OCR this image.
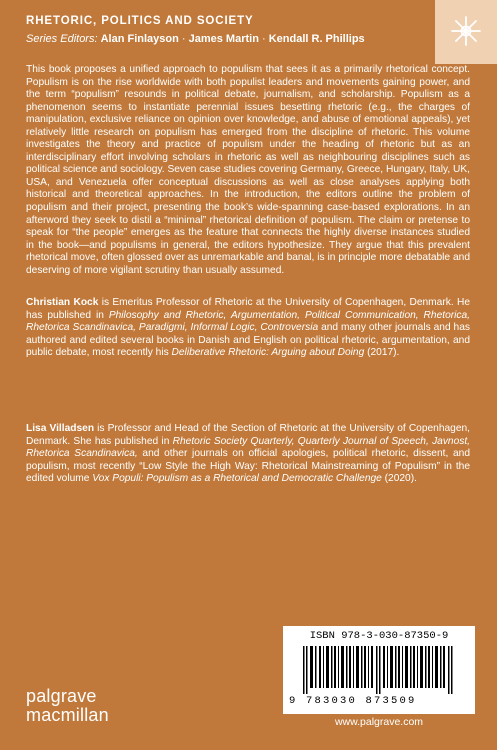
RHETORIC, POLITICS AND SOCIETY
Series Editors: Alan Finlayson · James Martin · Kendall R. Phillips

This book proposes a unified approach to populism that sees it as a primarily rhetorical concept. Populism is on the rise worldwide with both populist leaders and movements gaining power, and the term “populism” resounds in political debate, journalism, and scholarship. Populism as a phenomenon seems to instantiate perennial issues besetting rhetoric (e.g., the charges of manipulation, exclusive reliance on opinion over knowledge, and abuse of emotional appeals), yet relatively little research on populism has emerged from the discipline of rhetoric. This volume investigates the theory and practice of populism under the heading of rhetoric but as an interdisciplinary effort involving scholars in rhetoric as well as neighbouring disciplines such as political science and sociology. Seven case studies covering Germany, Greece, Hungary, Italy, UK, USA, and Venezuela offer conceptual discussions as well as close analyses applying both historical and theoretical approaches. In the introduction, the editors outline the problem of populism and their project, presenting the book’s wide-spanning case-based explorations. In an afterword they seek to distil a “minimal” rhetorical definition of populism. The claim or pretense to speak for “the people” emerges as the feature that connects the highly diverse instances studied in the book—and populisms in general, the editors hypothesize. They argue that this prevalent rhetorical move, often glossed over as unremarkable and banal, is in principle more debatable and deserving of more vigilant scrutiny than usually assumed.

Christian Kock is Emeritus Professor of Rhetoric at the University of Copenhagen, Denmark. He has published in Philosophy and Rhetoric, Argumentation, Political Communication, Rhetorica, Rhetorica Scandinavica, Paradigmi, Informal Logic, Controversia and many other journals and has authored and edited several books in Danish and English on political rhetoric, argumentation, and public debate, most recently his Deliberative Rhetoric: Arguing about Doing (2017).

Lisa Villadsen is Professor and Head of the Section of Rhetoric at the University of Copenhagen, Denmark. She has published in Rhetoric Society Quarterly, Quarterly Journal of Speech, Javnost, Rhetorica Scandinavica, and other journals on official apologies, political rhetoric, dissent, and populism, most recently “Low Style the High Way: Rhetorical Mainstreaming of Populism” in the edited volume Vox Populi: Populism as a Rhetorical and Democratic Challenge (2020).

ISBN 978-3-030-87350-9
9 783030 873509
www.palgrave.com
palgrave
macmillan
